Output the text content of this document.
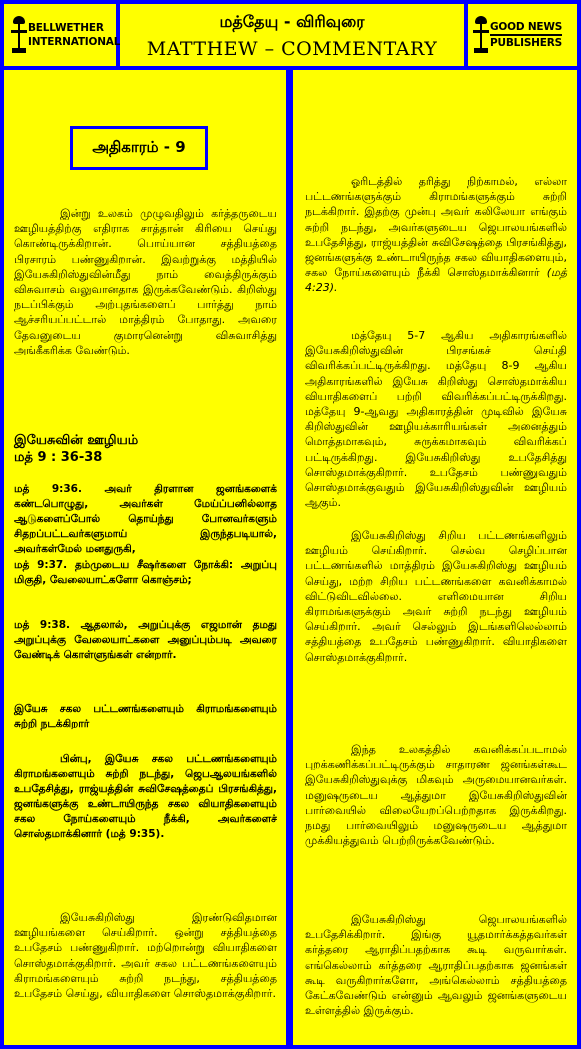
BELLWETHER
INTERNATIONAL
மத்தேயு - விரிவுரை
MATTHEW – COMMENTARY
GOOD NEWS
PUBLISHERS
அதிகாரம் - 9

இன்று உலகம் முழுவதிலும் கர்த்தருடைய ஊழியத்திற்கு எதிராக சாத்தான் கிரியை செய்து கொண்டிருக்கிறான். பொய்யான சத்தியத்தை பிரசாரம் பண்ணுகிறான். இவற்றுக்கு மத்தியில் இயேசுகிறிஸ்துவின்மீது நாம் வைத்திருக்கும் விசுவாசம் வலுவானதாக இருக்கவேண்டும். கிறிஸ்து நடப்பிக்கும் அற்புதங்களைப் பார்த்து நாம் ஆச்சரியப்பட்டால் மாத்திரம் போதாது. அவரை தேவனுடைய குமாரனென்று விசுவாசித்து அங்கீகரிக்க வேண்டும்.

இயேசுவின் ஊழியம்

மத் 9 : 36-38

மத் 9:36. அவர் திரளான ஜனங்களைக் கண்டபொழுது, அவர்கள் மேய்ப்பனில்லாத ஆடுகளைப்போல் தொய்ந்து போனவர்களும் சிதறப்பட்டவர்களுமாய் இருந்தபடியால், அவர்கள்மேல் மனதுருகி,

மத் 9:37. தம்முடைய சீஷர்களை நோக்கி: அறுப்பு மிகுதி, வேலையாட்களோ கொஞ்சம்;

மத் 9:38. ஆதலால், அறுப்புக்கு எஜமான் தமது அறுப்புக்கு வேலையாட்களை அனுப்பும்படி அவரை வேண்டிக் கொள்ளுங்கள் என்றார்.

இயேசு சகல பட்டணங்களையும் கிராமங்களையும் சுற்றி நடக்கிறார்

பின்பு, இயேசு சகல பட்டணங்களையும் கிராமங்களையும் சுற்றி நடந்து, ஜெபஆலயங்களில் உபதேசித்து, ராஜ்யத்தின் சுவிசேஷத்தைப் பிரசங்கித்து, ஜனங்களுக்கு உண்டாயிருந்த சகல வியாதிகளையும் சகல நோய்களையும் நீக்கி, அவர்களைச் சொஸ்தமாக்கினார் (மத் 9:35).

இயேசுகிறிஸ்து இரண்டுவிதமான ஊழியங்களை செய்கிறார். ஒன்று சத்தியத்தை உபதேசம் பண்ணுகிறார். மற்றொன்று வியாதிகளை சொஸ்தமாக்குகிறார். அவர் சகல பட்டணங்களையும் கிராமங்களையும் சுற்றி நடந்து, சத்தியத்தை உபதேசம் செய்து, வியாதிகளை சொஸ்தமாக்குகிறார்.

ஓரிடத்தில் தரித்து நிற்காமல், எல்லா பட்டணங்களுக்கும் கிராமங்களுக்கும் சுற்றி நடக்கிறார். இதற்கு முன்பு அவர் கலிலேயா எங்கும் சுற்றி நடந்து, அவர்களுடைய ஜெபாலயங்களில் உபதேசித்து, ராஜ்யத்தின் சுவிசேஷத்தை பிரசங்கித்து, ஜனங்களுக்கு உண்டாயிருந்த சகல வியாதிகளையும், சகல நோய்களையும் நீக்கி சொஸ்தமாக்கினார் (மத் 4:23).

மத்தேயு 5-7 ஆகிய அதிகாரங்களில் இயேசுகிறிஸ்துவின் பிரசங்கச் செய்தி விவரிக்கப்பட்டிருக்கிறது. மத்தேயு 8-9 ஆகிய அதிகாரங்களில் இயேசு கிறிஸ்து சொஸ்தமாக்கிய வியாதிகளைப் பற்றி விவரிக்கப்பட்டிருக்கிறது. மத்தேயு 9-ஆவது அதிகாரத்தின் முடிவில் இயேசு கிறிஸ்துவின் ஊழியக்காரியங்கள் அனைத்தும் மொத்தமாகவும், சுருக்கமாகவும் விவரிக்கப் பட்டிருக்கிறது. இயேசுகிறிஸ்து உபதேசித்து சொஸ்தமாக்குகிறார். உபதேசம் பண்ணுவதும் சொஸ்தமாக்குவதும் இயேசுகிறிஸ்துவின் ஊழியம் ஆகும்.

இயேசுகிறிஸ்து சிறிய பட்டணங்களிலும் ஊழியம் செய்கிறார். செல்வ செழிப்பான பட்டணங்களில் மாத்திரம் இயேசுகிறிஸ்து ஊழியம் செய்து, மற்ற சிறிய பட்டணங்களை கவனிக்காமல் விட்டுவிடவில்லை. எளிமையான சிறிய கிராமங்களுக்கும் அவர் சுற்றி நடந்து ஊழியம் செய்கிறார். அவர் செல்லும் இடங்களிலெல்லாம் சத்தியத்தை உபதேசம் பண்ணுகிறார். வியாதிகளை சொஸ்தமாக்குகிறார்.

இந்த உலகத்தில் கவனிக்கப்படாமல் புறக்கணிக்கப்பட்டிருக்கும் சாதாரண ஜனங்கள்கூட இயேசுகிறிஸ்துவுக்கு மிகவும் அருமையானவர்கள். மனுஷருடைய ஆத்துமா இயேசுகிறிஸ்துவின் பார்வையில் விலையேறப்பெற்றதாக இருக்கிறது. நமது பார்வையிலும் மனுஷருடைய ஆத்துமா முக்கியத்துவம் பெற்றிருக்கவேண்டும்.

இயேசுகிறிஸ்து ஜெபாலயங்களில் உபதேசிக்கிறார். இங்கு யூதமார்க்கத்தவர்கள் கர்த்தரை ஆராதிப்பதற்காக கூடி வருவார்கள். எங்கெல்லாம் கர்த்தரை ஆராதிப்பதற்காக ஜனங்கள் கூடி வருகிறார்களோ, அங்கெல்லாம் சத்தியத்தை கேட்கவேண்டும் என்னும் ஆவலும் ஜனங்களுடைய உள்ளத்தில் இருக்கும்.
